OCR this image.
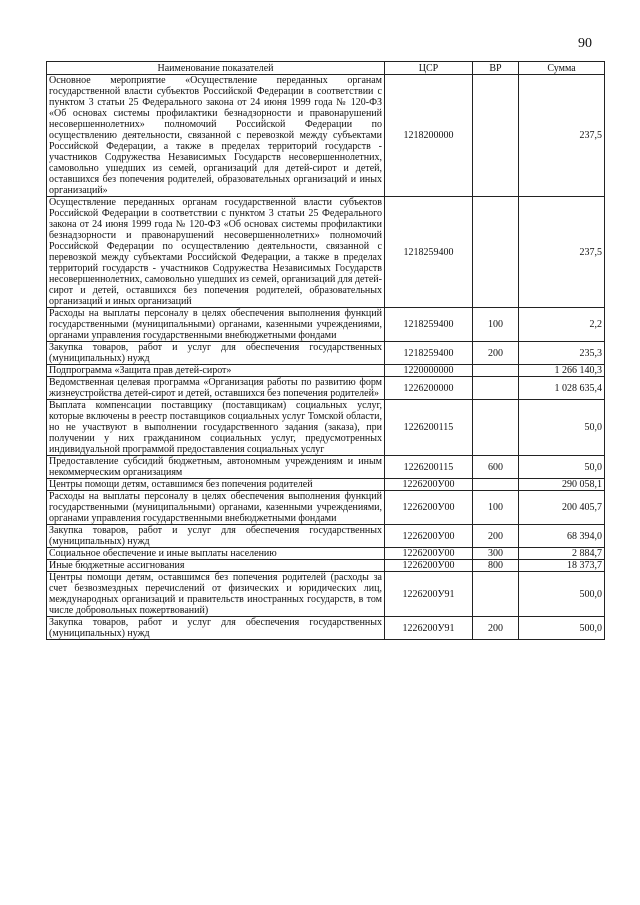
90
Наименование показателей	ЦСР	ВР	Сумма
Основное мероприятие «Осуществление переданных органам государственной власти субъектов Российской Федерации в соответствии с пунктом 3 статьи 25 Федерального закона от 24 июня 1999 года № 120-ФЗ «Об основах системы профилактики безнадзорности и правонарушений несовершеннолетних» полномочий Российской Федерации по осуществлению деятельности, связанной с перевозкой между субъектами Российской Федерации, а также в пределах территорий государств - участников Содружества Независимых Государств несовершеннолетних, самовольно ушедших из семей, организаций для детей-сирот и детей, оставшихся без попечения родителей, образовательных организаций и иных организаций»	1218200000		237,5
Осуществление переданных органам государственной власти субъектов Российской Федерации в соответствии с пунктом 3 статьи 25 Федерального закона от 24 июня 1999 года № 120-ФЗ «Об основах системы профилактики безнадзорности и правонарушений несовершеннолетних» полномочий Российской Федерации по осуществлению деятельности, связанной с перевозкой между субъектами Российской Федерации, а также в пределах территорий государств - участников Содружества Независимых Государств несовершеннолетних, самовольно ушедших из семей, организаций для детей-сирот и детей, оставшихся без попечения родителей, образовательных организаций и иных организаций	1218259400		237,5
Расходы на выплаты персоналу в целях обеспечения выполнения функций государственными (муниципальными) органами, казенными учреждениями, органами управления государственными внебюджетными фондами	1218259400	100	2,2
Закупка товаров, работ и услуг для обеспечения государственных (муниципальных) нужд	1218259400	200	235,3
Подпрограмма «Защита прав детей-сирот»	1220000000		1 266 140,3
Ведомственная целевая программа «Организация работы по развитию форм жизнеустройства детей-сирот и детей, оставшихся без попечения родителей»	1226200000		1 028 635,4
Выплата компенсации поставщику (поставщикам) социальных услуг, которые включены в реестр поставщиков социальных услуг Томской области, но не участвуют в выполнении государственного задания (заказа), при получении у них гражданином социальных услуг, предусмотренных индивидуальной программой предоставления социальных услуг	1226200115		50,0
Предоставление субсидий бюджетным, автономным учреждениям и иным некоммерческим организациям	1226200115	600	50,0
Центры помощи детям, оставшимся без попечения родителей	1226200У00		290 058,1
Расходы на выплаты персоналу в целях обеспечения выполнения функций государственными (муниципальными) органами, казенными учреждениями, органами управления государственными внебюджетными фондами	1226200У00	100	200 405,7
Закупка товаров, работ и услуг для обеспечения государственных (муниципальных) нужд	1226200У00	200	68 394,0
Социальное обеспечение и иные выплаты населению	1226200У00	300	2 884,7
Иные бюджетные ассигнования	1226200У00	800	18 373,7
Центры помощи детям, оставшимся без попечения родителей (расходы за счет безвозмездных перечислений от физических и юридических лиц, международных организаций и правительств иностранных государств, в том числе добровольных пожертвований)	1226200У91		500,0
Закупка товаров, работ и услуг для обеспечения государственных (муниципальных) нужд	1226200У91	200	500,0
